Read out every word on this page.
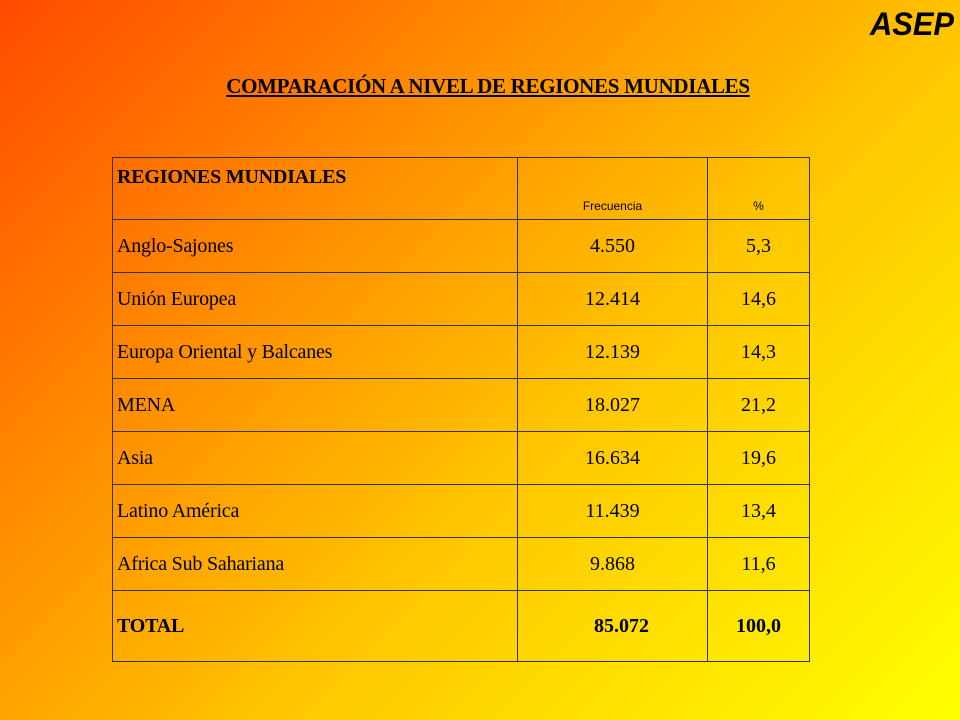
ASEP
COMPARACIÓN A NIVEL DE REGIONES MUNDIALES
REGIONES MUNDIALES	Frecuencia	%
Anglo-Sajones	4.550	5,3
Unión Europea	12.414	14,6
Europa Oriental y Balcanes	12.139	14,3
MENA	18.027	21,2
Asia	16.634	19,6
Latino América	11.439	13,4
Africa Sub Sahariana	9.868	11,6
TOTAL	85.072	100,0
